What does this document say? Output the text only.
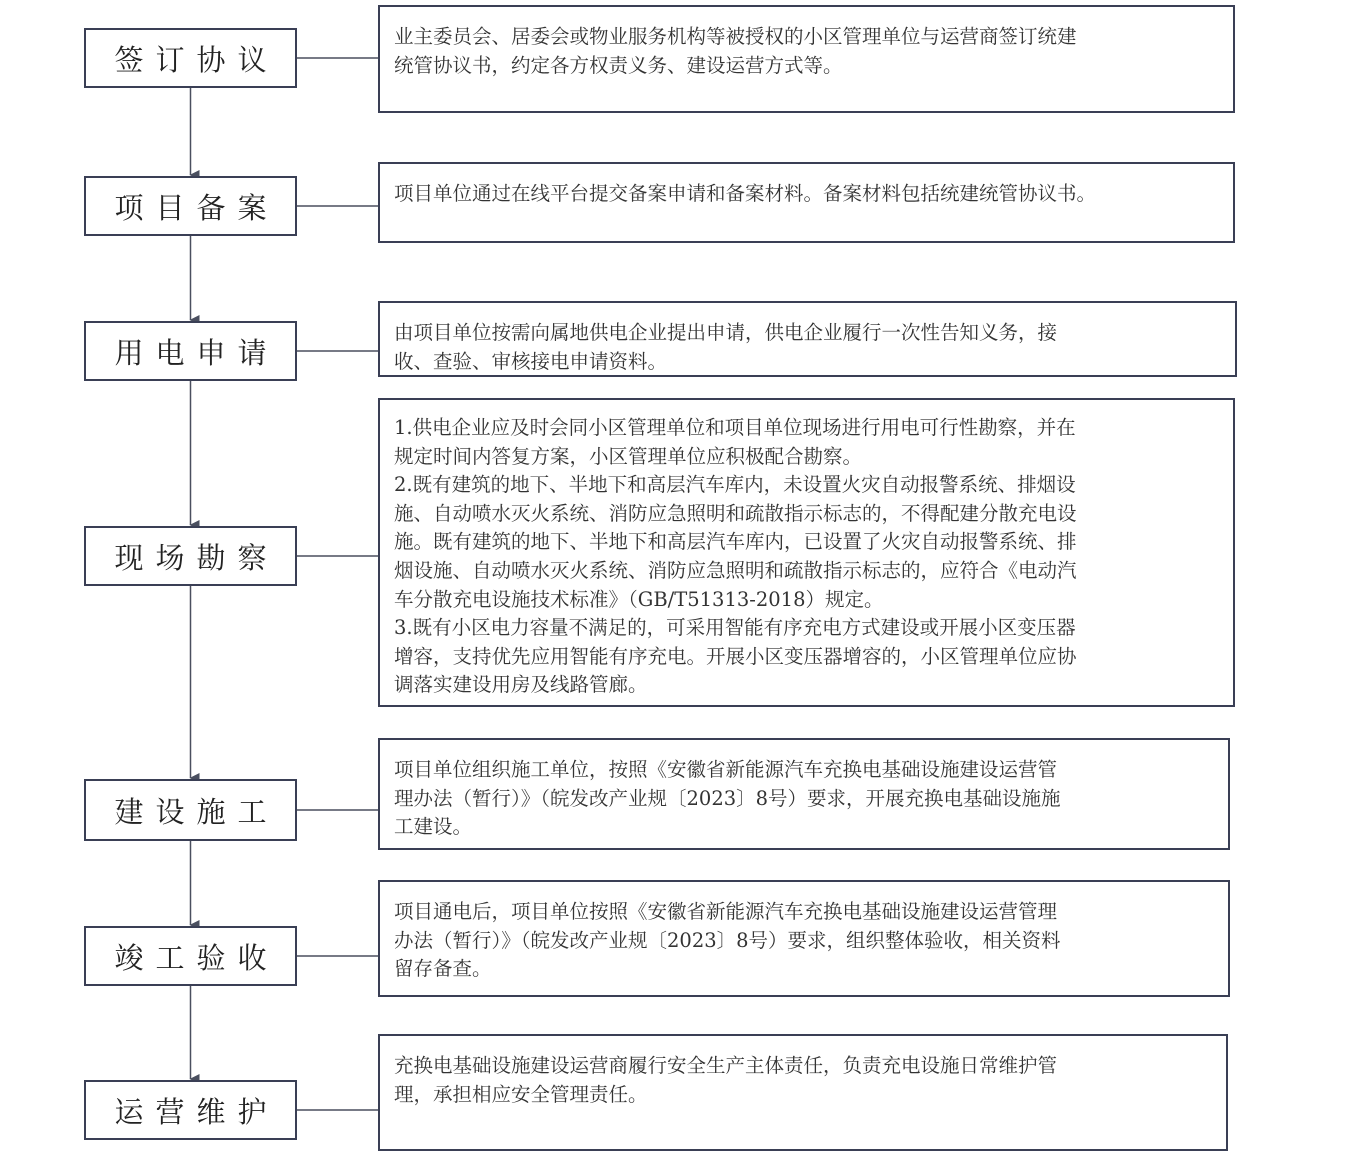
签订协议
业主委员会、居委会或物业服务机构等被授权的小区管理单位与运营商签订统建
统管协议书，约定各方权责义务、建设运营方式等。
项目备案	项目单位通过在线平台提交备案申请和备案材料。备案材料包括统建统管协议书。
用电申请
由项目单位按需向属地供电企业提出申请，供电企业履行一次性告知义务，接
收、查验、审核接电申请资料。
现场勘察
1.供电企业应及时会同小区管理单位和项目单位现场进行用电可行性勘察，并在
规定时间内答复方案，小区管理单位应积极配合勘察。
2.既有建筑的地下、半地下和高层汽车库内，未设置火灾自动报警系统、排烟设
施、自动喷水灭火系统、消防应急照明和疏散指示标志的，不得配建分散充电设
施。既有建筑的地下、半地下和高层汽车库内，已设置了火灾自动报警系统、排
烟设施、自动喷水灭火系统、消防应急照明和疏散指示标志的，应符合《电动汽
车分散充电设施技术标准》（GB/T51313-2018）规定。
3.既有小区电力容量不满足的，可采用智能有序充电方式建设或开展小区变压器
增容，支持优先应用智能有序充电。开展小区变压器增容的，小区管理单位应协
调落实建设用房及线路管廊。
建设施工
项目单位组织施工单位，按照《安徽省新能源汽车充换电基础设施建设运营管
理办法（暂行）》（皖发改产业规〔2023〕8号）要求，开展充换电基础设施施
工建设。
竣工验收
项目通电后，项目单位按照《安徽省新能源汽车充换电基础设施建设运营管理
办法（暂行）》（皖发改产业规〔2023〕8号）要求，组织整体验收，相关资料
留存备查。
运营维护
充换电基础设施建设运营商履行安全生产主体责任，负责充电设施日常维护管
理，承担相应安全管理责任。
